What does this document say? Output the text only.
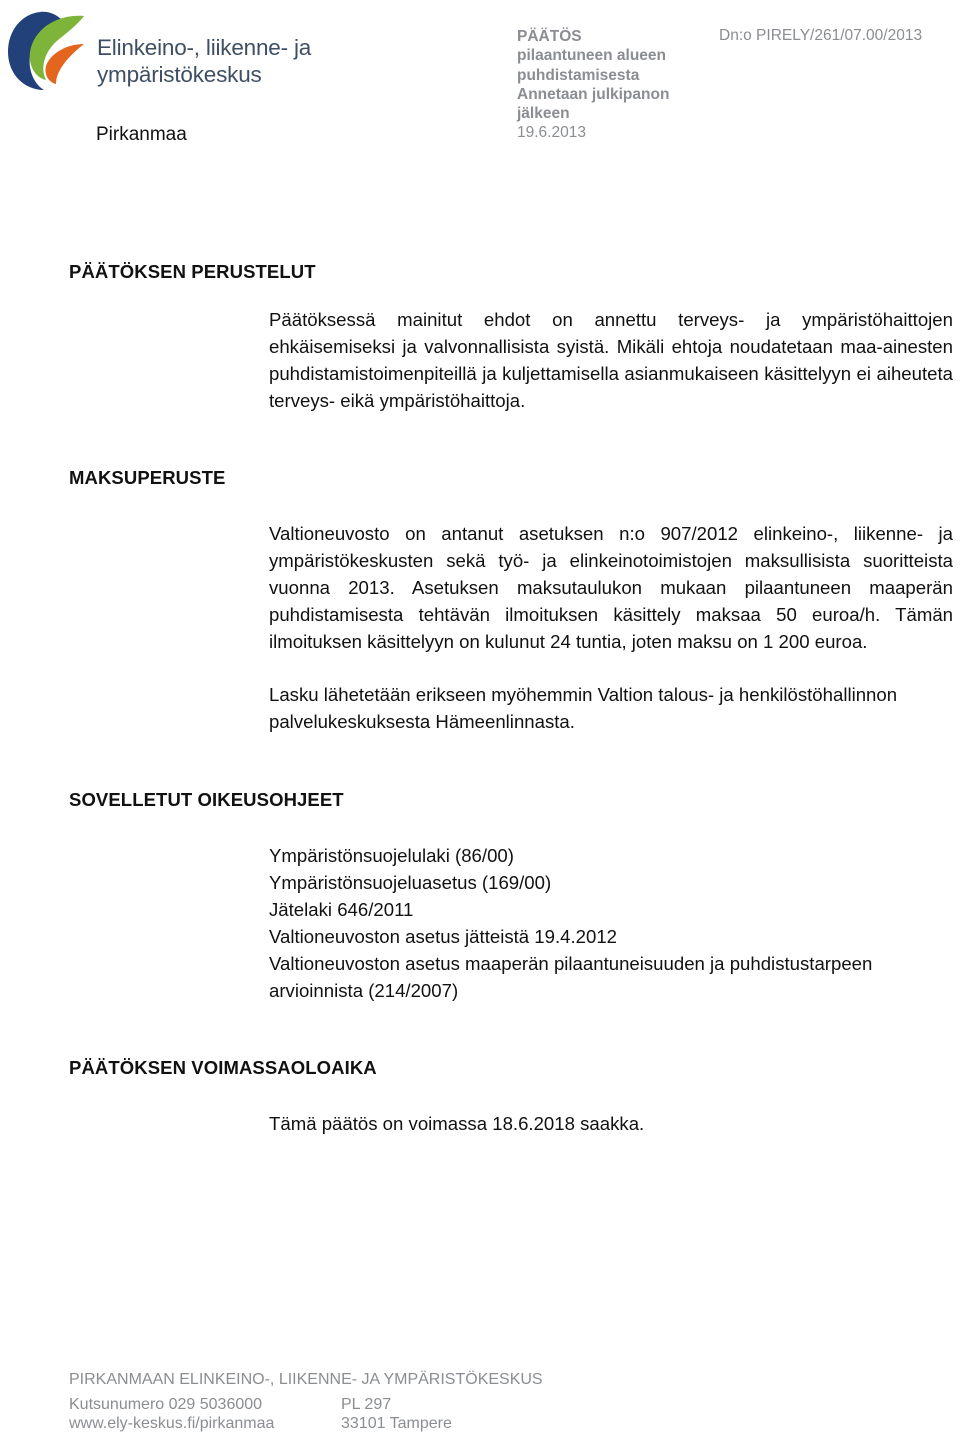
Elinkeino-, liikenne- ja
ympäristökeskus
Pirkanmaa
PÄÄTÖS
pilaantuneen alueen puhdistamisesta Annetaan julkipanon jälkeen
19.6.2013
Dn:o PIRELY/261/07.00/2013
PÄÄTÖKSEN PERUSTELUT

Päätöksessä mainitut ehdot on annettu terveys- ja ympäristöhaittojen ehkäisemiseksi ja valvonnallisista syistä. Mikäli ehtoja noudatetaan maa-ainesten puhdistamistoimenpiteillä ja kuljettamisella asianmukaiseen käsittelyyn ei aiheuteta terveys- eikä ympäristöhaittoja.

MAKSUPERUSTE

Valtioneuvosto on antanut asetuksen n:o 907/2012 elinkeino-, liikenne- ja ympäristökeskusten sekä työ- ja elinkeinotoimistojen maksullisista suoritteista vuonna 2013. Asetuksen maksutaulukon mukaan pilaantuneen maaperän puhdistamisesta tehtävän ilmoituksen käsittely maksaa 50 euroa/h. Tämän ilmoituksen käsittelyyn on kulunut 24 tuntia, joten maksu on 1 200 euroa.

Lasku lähetetään erikseen myöhemmin Valtion talous- ja henkilöstöhallinnon palvelukeskuksesta Hämeenlinnasta.

SOVELLETUT OIKEUSOHJEET
Ympäristönsuojelulaki (86/00)
Ympäristönsuojeluasetus (169/00)
Jätelaki 646/2011
Valtioneuvoston asetus jätteistä 19.4.2012
Valtioneuvoston asetus maaperän pilaantuneisuuden ja puhdistustarpeen arvioinnista (214/2007)
PÄÄTÖKSEN VOIMASSAOLOAIKA

Tämä päätös on voimassa 18.6.2018 saakka.

PIRKANMAAN ELINKEINO-, LIIKENNE- JA YMPÄRISTÖKESKUS
Kutsunumero 029 5036000
www.ely-keskus.fi/pirkanmaa
PL 297
33101 Tampere
